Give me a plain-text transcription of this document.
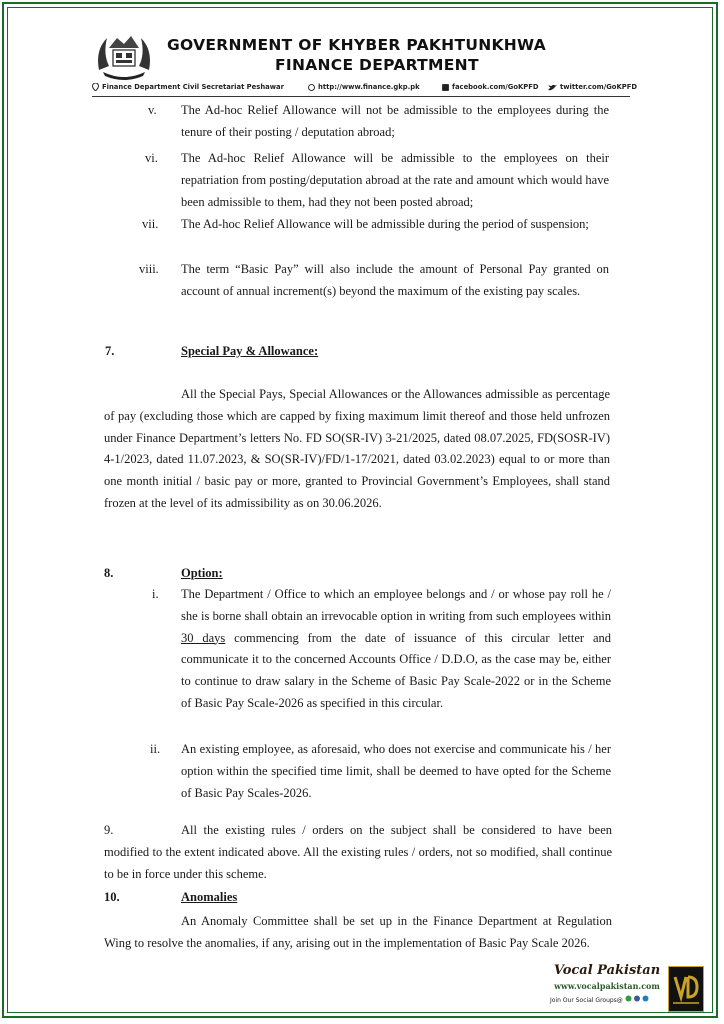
GOVERNMENT OF KHYBER PAKHTUNKHWA
FINANCE DEPARTMENT
Finance Department Civil Secretariat Peshawar	http://www.finance.gkp.pk	facebook.com/GoKPFD	twitter.com/GoKPFD
v. The Ad-hoc Relief Allowance will not be admissible to the employees during the tenure of their posting / deputation abroad;
vi. The Ad-hoc Relief Allowance will be admissible to the employees on their repatriation from posting/deputation abroad at the rate and amount which would have been admissible to them, had they not been posted abroad;
vii. The Ad-hoc Relief Allowance will be admissible during the period of suspension;
viii. The term “Basic Pay” will also include the amount of Personal Pay granted on account of annual increment(s) beyond the maximum of the existing pay scales.
7.	Special Pay & Allowance:
All the Special Pays, Special Allowances or the Allowances admissible as percentage of pay (excluding those which are capped by fixing maximum limit thereof and those held unfrozen under Finance Department’s letters No. FD SO(SR-IV) 3-21/2025, dated 08.07.2025, FD(SOSR-IV) 4-1/2023, dated 11.07.2023, & SO(SR-IV)/FD/1-17/2021, dated 03.02.2023) equal to or more than one month initial / basic pay or more, granted to Provincial Government’s Employees, shall stand frozen at the level of its admissibility as on 30.06.2026.
8.	Option:
i. The Department / Office to which an employee belongs and / or whose pay roll he / she is borne shall obtain an irrevocable option in writing from such employees within 30 days commencing from the date of issuance of this circular letter and communicate it to the concerned Accounts Office / D.D.O, as the case may be, either to continue to draw salary in the Scheme of Basic Pay Scale-2022 or in the Scheme of Basic Pay Scale-2026 as specified in this circular.
ii. An existing employee, as aforesaid, who does not exercise and communicate his / her option within the specified time limit, shall be deemed to have opted for the Scheme of Basic Pay Scales-2026.
9.	All the existing rules / orders on the subject shall be considered to have been modified to the extent indicated above. All the existing rules / orders, not so modified, shall continue to be in force under this scheme.
10.	Anomalies
An Anomaly Committee shall be set up in the Finance Department at Regulation Wing to resolve the anomalies, if any, arising out in the implementation of Basic Pay Scale 2026.
Vocal Pakistan
www.vocalpakistan.com
Join Our Social Groups@
